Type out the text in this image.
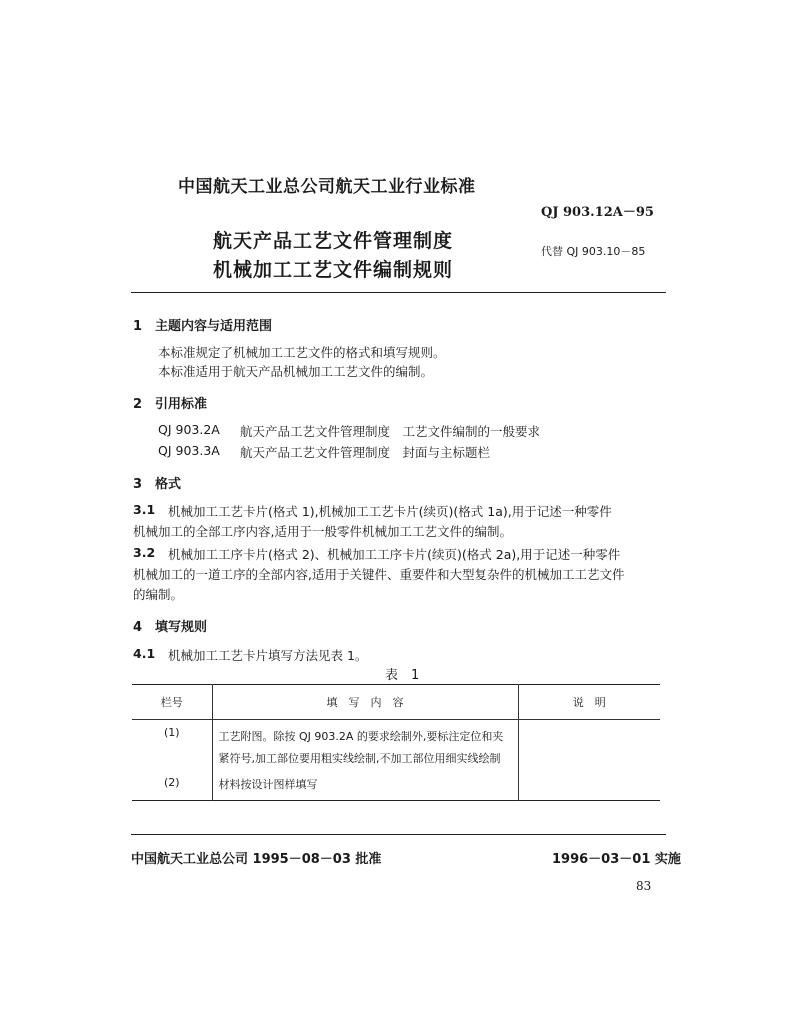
中国航天工业总公司航天工业行业标准
QJ 903.12A－95
航天产品工艺文件管理制度
机械加工工艺文件编制规则
代替 QJ 903.10－85
1　主题内容与适用范围
本标准规定了机械加工工艺文件的格式和填写规则。
本标准适用于航天产品机械加工工艺文件的编制。
2　引用标准
QJ 903.2A 航天产品工艺文件管理制度　工艺文件编制的一般要求
QJ 903.3A 航天产品工艺文件管理制度　封面与主标题栏
3　格式
3.1 机械加工工艺卡片(格式 1),机械加工工艺卡片(续页)(格式 1a),用于记述一种零件
机械加工的全部工序内容,适用于一般零件机械加工工艺文件的编制。
3.2 机械加工工序卡片(格式 2)、机械加工工序卡片(续页)(格式 2a),用于记述一种零件
机械加工的一道工序的全部内容,适用于关键件、重要件和大型复杂件的机械加工工艺文件
的编制。
4　填写规则
4.1 机械加工工艺卡片填写方法见表 1。
表　1
栏号	填　写　内　容	说　明
(1)	工艺附图。除按 QJ 903.2A 的要求绘制外,要标注定位和夹紧符号,加工部位要用粗实线绘制,不加工部位用细实线绘制	
(2)	材料按设计图样填写	
中国航天工业总公司 1995－08－03 批准	1996－03－01 实施
83
